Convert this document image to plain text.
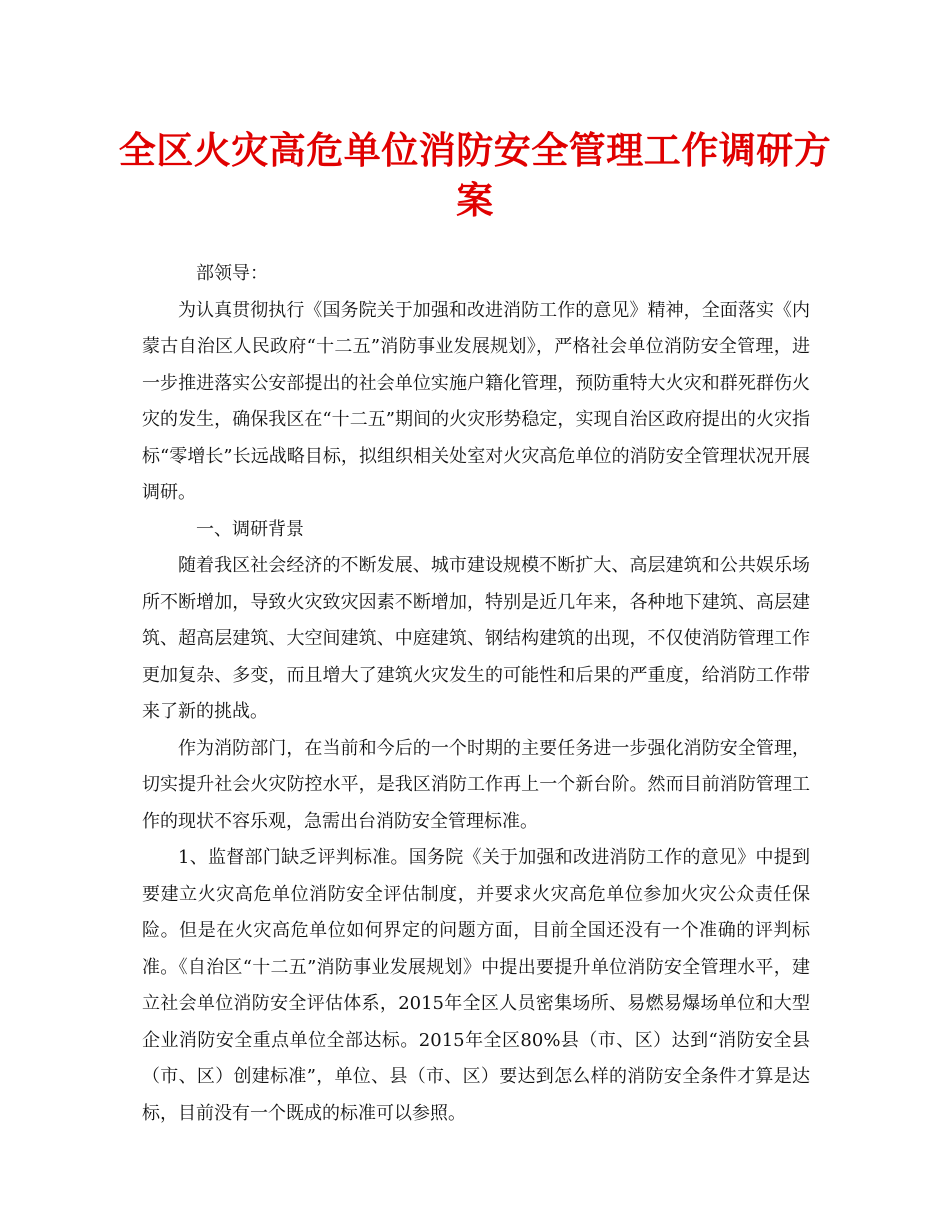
全区火灾高危单位消防安全管理工作调研方案

部领导：

为认真贯彻执行《国务院关于加强和改进消防工作的意见》精神，全面落实《内蒙古自治区人民政府“十二五”消防事业发展规划》，严格社会单位消防安全管理，进一步推进落实公安部提出的社会单位实施户籍化管理，预防重特大火灾和群死群伤火灾的发生，确保我区在“十二五”期间的火灾形势稳定，实现自治区政府提出的火灾指标“零增长”长远战略目标，拟组织相关处室对火灾高危单位的消防安全管理状况开展调研。

一、调研背景

随着我区社会经济的不断发展、城市建设规模不断扩大、高层建筑和公共娱乐场所不断增加，导致火灾致灾因素不断增加，特别是近几年来，各种地下建筑、高层建筑、超高层建筑、大空间建筑、中庭建筑、钢结构建筑的出现，不仅使消防管理工作更加复杂、多变，而且增大了建筑火灾发生的可能性和后果的严重度，给消防工作带来了新的挑战。

作为消防部门，在当前和今后的一个时期的主要任务进一步强化消防安全管理，切实提升社会火灾防控水平，是我区消防工作再上一个新台阶。然而目前消防管理工作的现状不容乐观，急需出台消防安全管理标准。

1、监督部门缺乏评判标准。国务院《关于加强和改进消防工作的意见》中提到要建立火灾高危单位消防安全评估制度，并要求火灾高危单位参加火灾公众责任保险。但是在火灾高危单位如何界定的问题方面，目前全国还没有一个准确的评判标准。《自治区“十二五”消防事业发展规划》中提出要提升单位消防安全管理水平，建立社会单位消防安全评估体系，2015年全区人员密集场所、易燃易爆场单位和大型企业消防安全重点单位全部达标。2015年全区80%县（市、区）达到“消防安全县（市、区）创建标准”，单位、县（市、区）要达到怎么样的消防安全条件才算是达标，目前没有一个既成的标准可以参照。
